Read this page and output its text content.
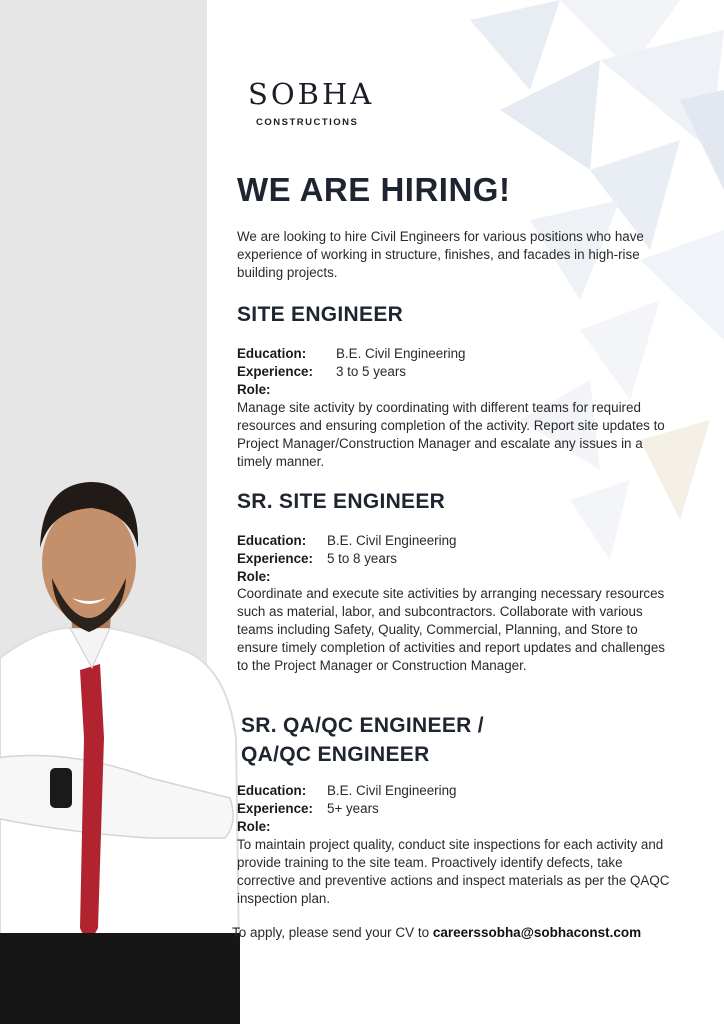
SOBHA
CONSTRUCTIONS
WE ARE HIRING!

We are looking to hire Civil Engineers for various positions who have experience of working in structure, finishes, and facades in high-rise building projects.

SITE ENGINEER
Education:	B.E. Civil Engineering
Experience:	3 to 5 years
Role:

Manage site activity by coordinating with different teams for required resources and ensuring completion of the activity. Report site updates to Project Manager/Construction Manager and escalate any issues in a timely manner.

SR. SITE ENGINEER
Education:	B.E. Civil Engineering
Experience:	5 to 8 years
Role:

Coordinate and execute site activities by arranging necessary resources such as material, labor, and subcontractors. Collaborate with various teams including Safety, Quality, Commercial, Planning, and Store to ensure timely completion of activities and report updates and challenges to the Project Manager or Construction Manager.

SR. QA/QC ENGINEER /
QA/QC ENGINEER
Education:	B.E. Civil Engineering
Experience:	5+ years
Role:

To maintain project quality, conduct site inspections for each activity and provide training to the site team. Proactively identify defects, take corrective and preventive actions and inspect materials as per the QAQC inspection plan.

To apply, please send your CV to careerssobha@sobhaconst.com
